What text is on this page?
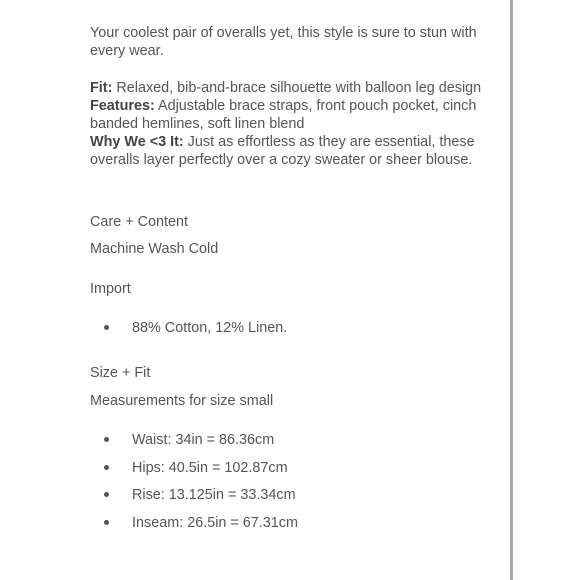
Your coolest pair of overalls yet, this style is sure to stun with every wear.

Fit: Relaxed, bib-and-brace silhouette with balloon leg design
Features: Adjustable brace straps, front pouch pocket, cinch banded hemlines, soft linen blend
Why We <3 It: Just as effortless as they are essential, these overalls layer perfectly over a cozy sweater or sheer blouse.

Care + Content

Machine Wash Cold

Import

88% Cotton, 12% Linen.

Size + Fit

Measurements for size small

Waist: 34in = 86.36cm
Hips: 40.5in = 102.87cm
Rise: 13.125in = 33.34cm
Inseam: 26.5in = 67.31cm
